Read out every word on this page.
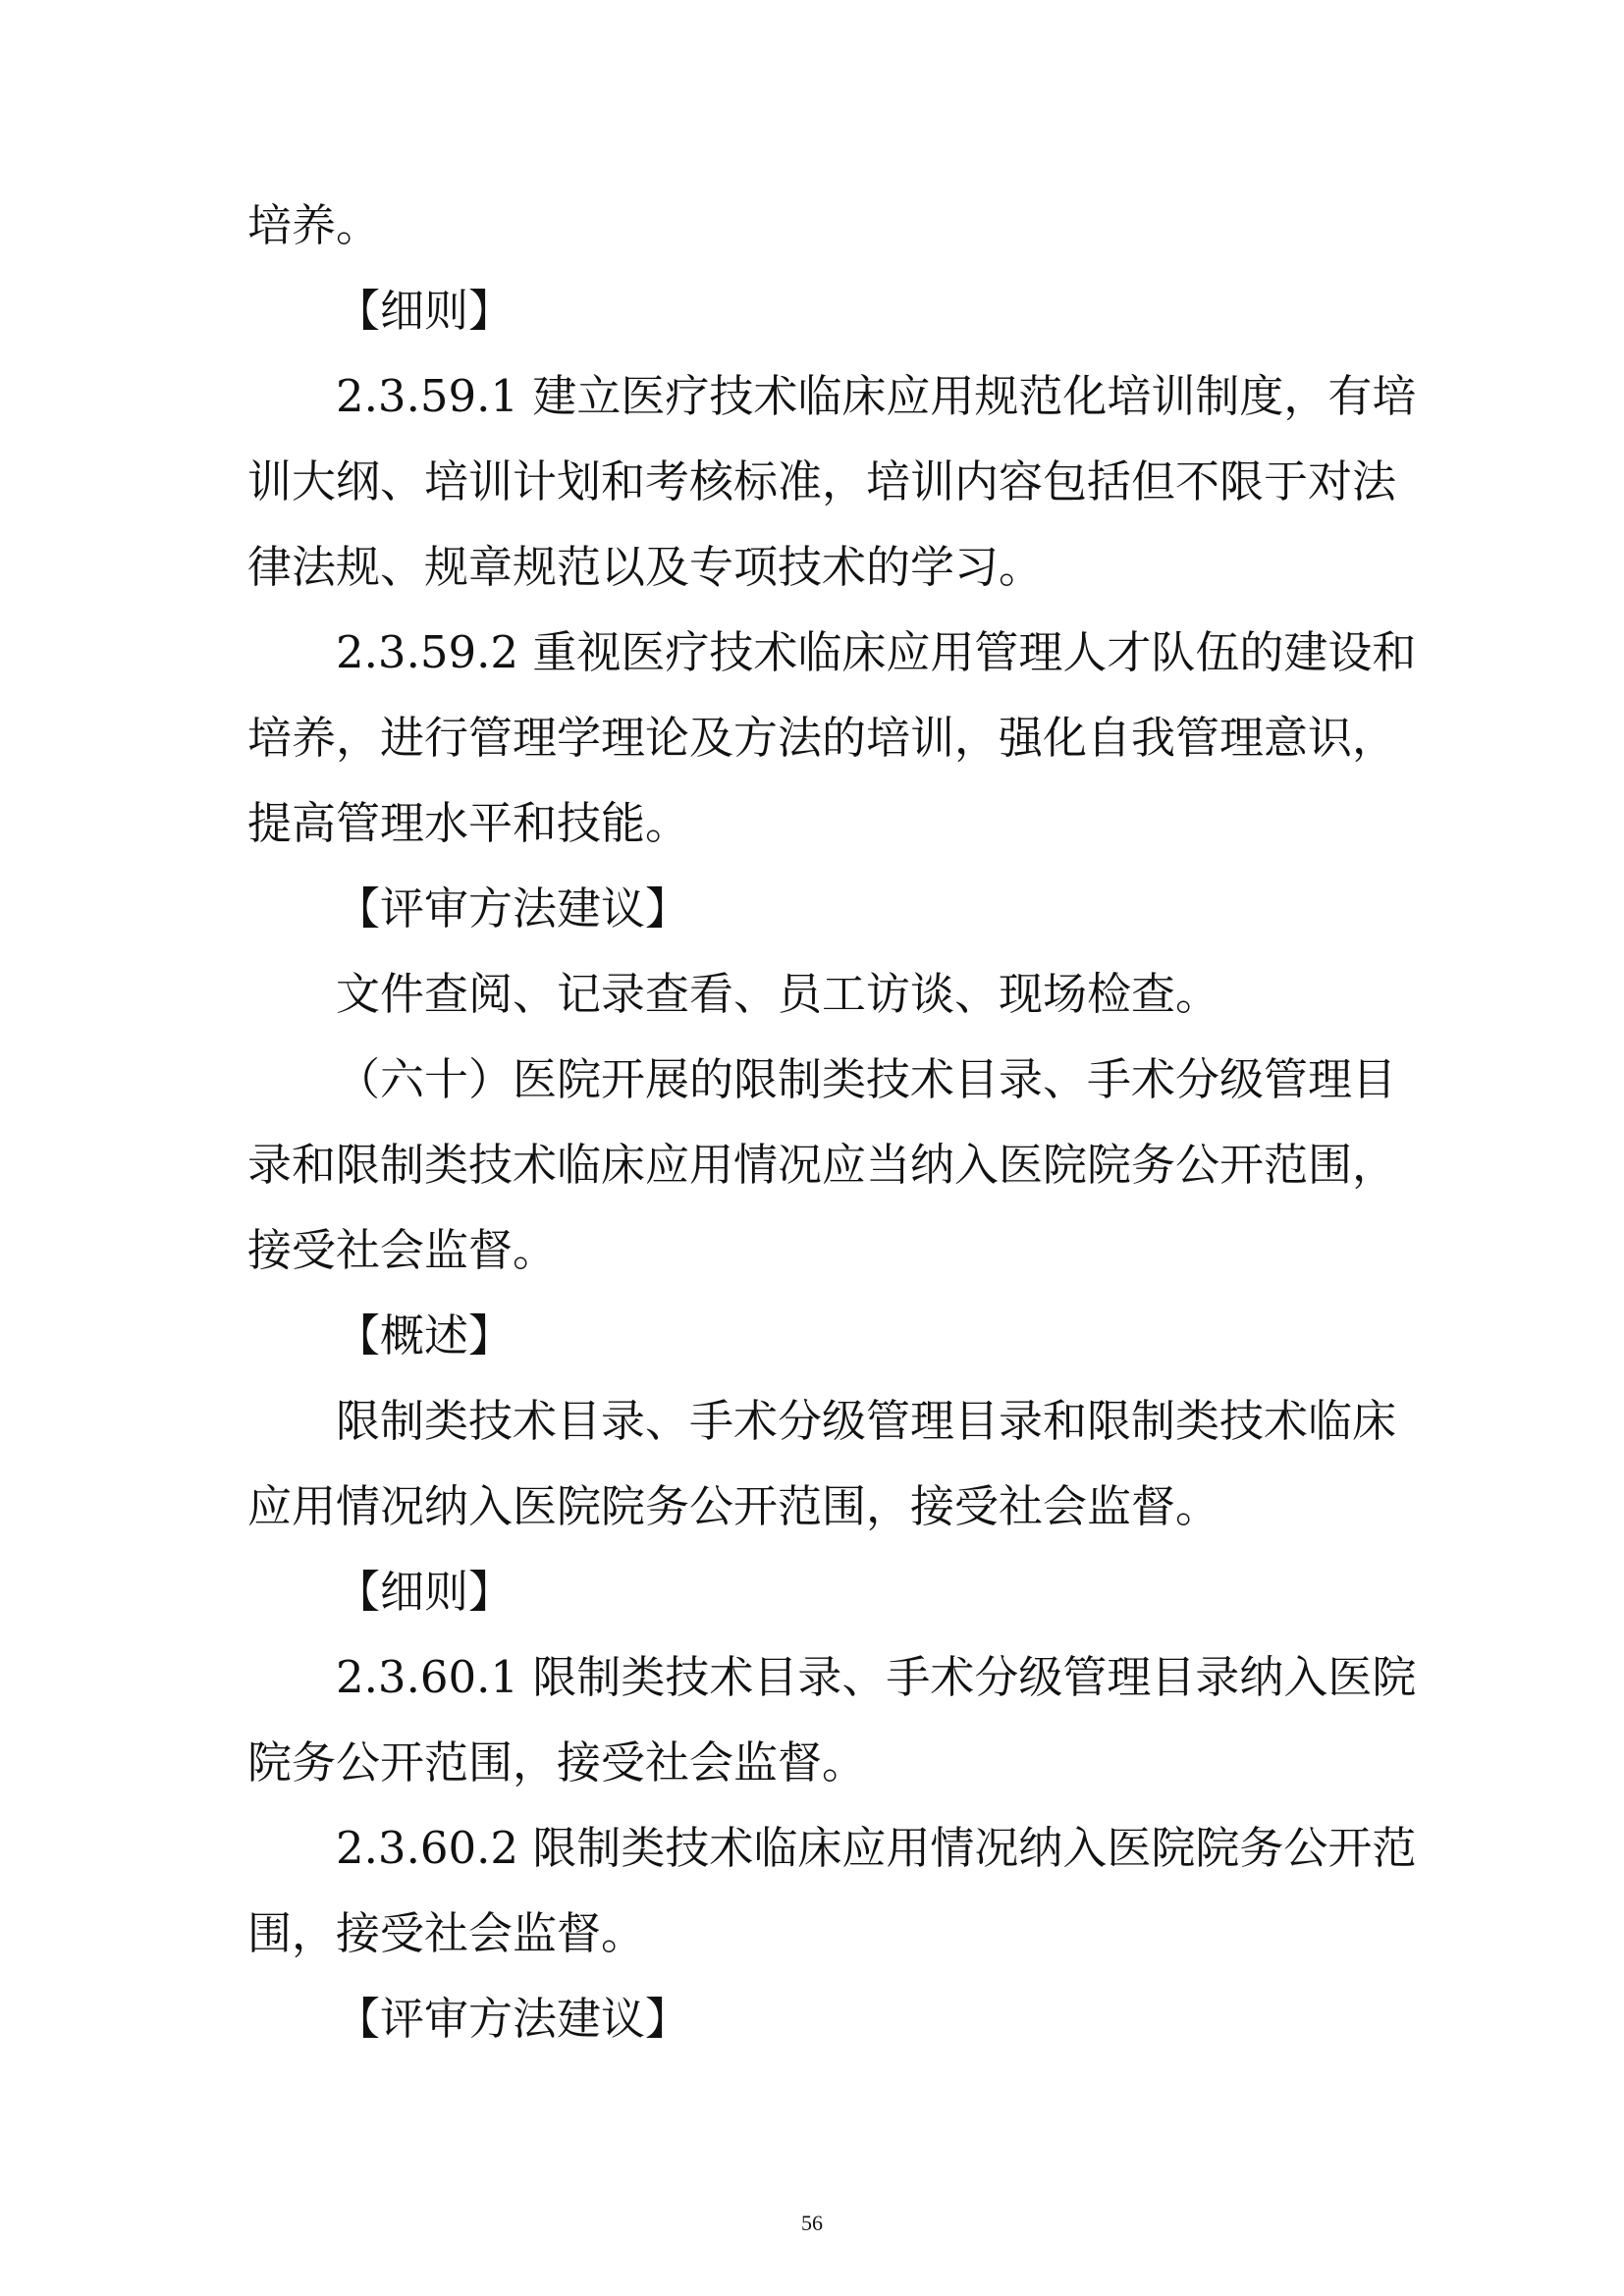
培养。
【细则】
2.3.59.1 建立医疗技术临床应用规范化培训制度，有培
训大纲、培训计划和考核标准，培训内容包括但不限于对法
律法规、规章规范以及专项技术的学习。
2.3.59.2 重视医疗技术临床应用管理人才队伍的建设和
培养，进行管理学理论及方法的培训，强化自我管理意识，
提高管理水平和技能。
【评审方法建议】
文件查阅、记录查看、员工访谈、现场检查。
（六十）医院开展的限制类技术目录、手术分级管理目
录和限制类技术临床应用情况应当纳入医院院务公开范围，
接受社会监督。
【概述】
限制类技术目录、手术分级管理目录和限制类技术临床
应用情况纳入医院院务公开范围，接受社会监督。
【细则】
2.3.60.1 限制类技术目录、手术分级管理目录纳入医院
院务公开范围，接受社会监督。
2.3.60.2 限制类技术临床应用情况纳入医院院务公开范
围，接受社会监督。
【评审方法建议】
56
